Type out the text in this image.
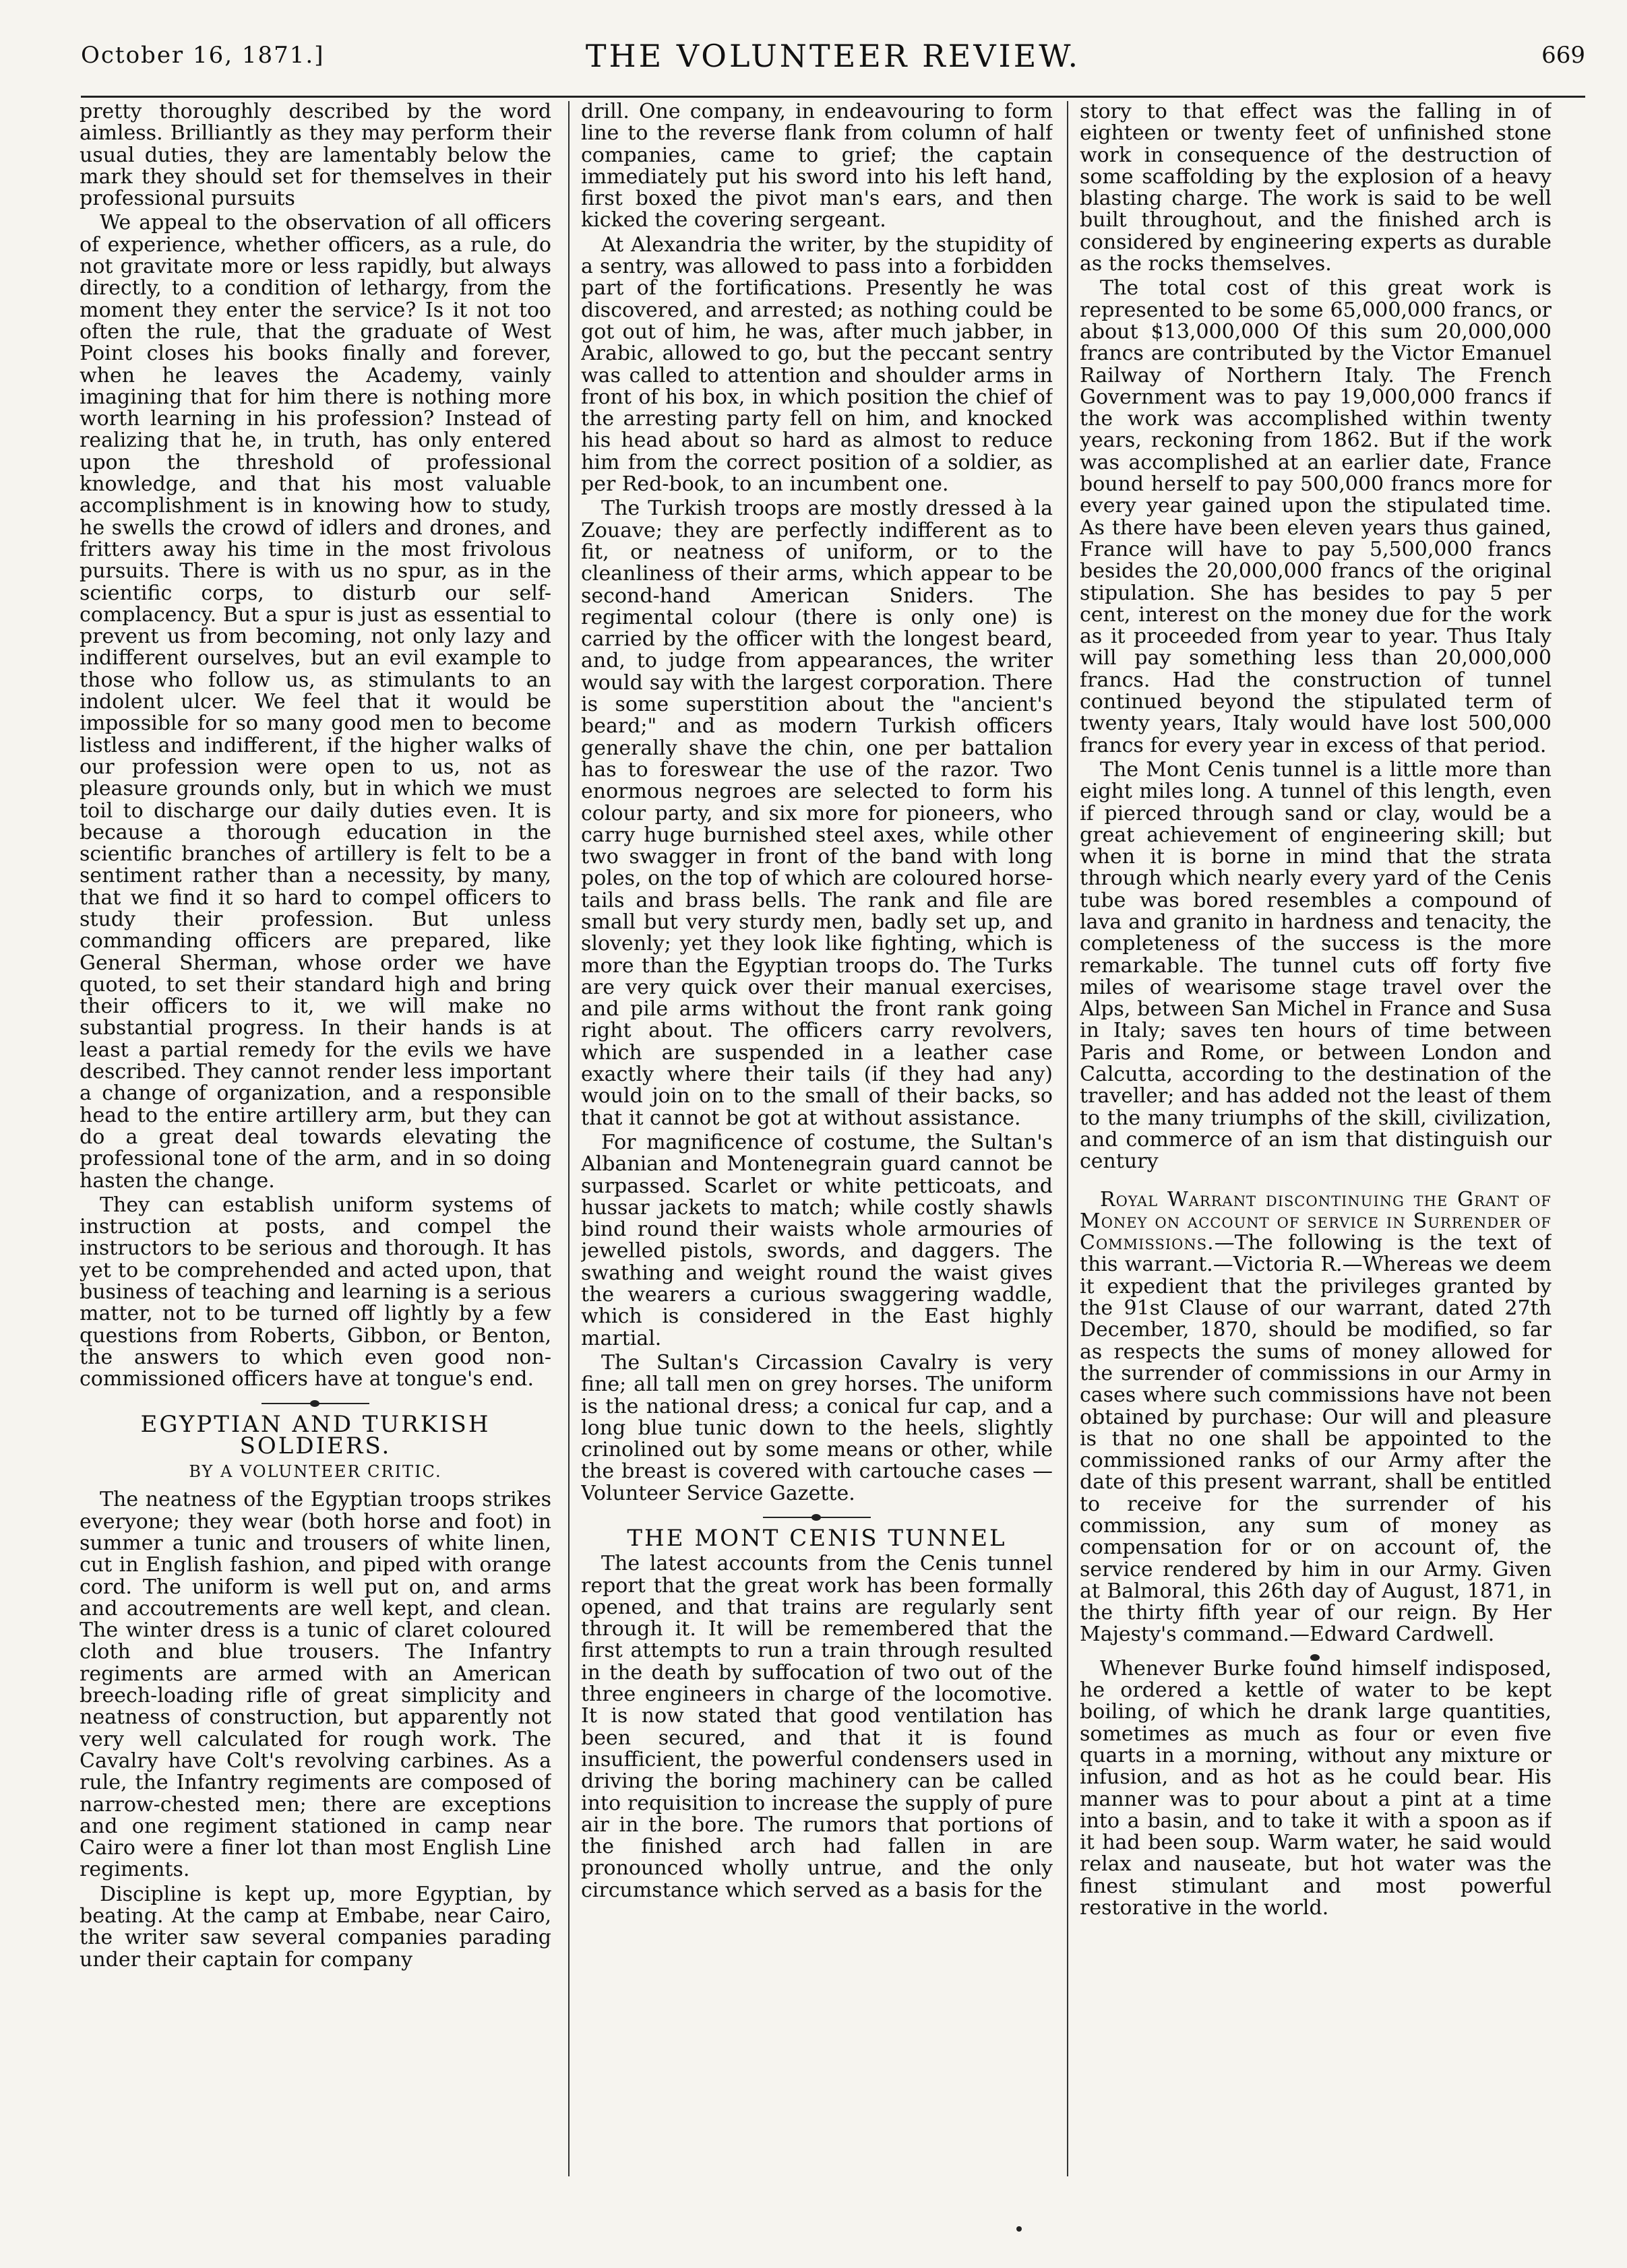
October 16, 1871.]	THE VOLUNTEER REVIEW.	669

pretty thoroughly described by the word aimless. Brilliantly as they may perform their usual duties, they are lamentably below the mark they should set for themselves in their professional pursuits

We appeal to the observation of all officers of experience, whether officers, as a rule, do not gravitate more or less rapidly, but always directly, to a condition of lethargy, from the moment they enter the service? Is it not too often the rule, that the graduate of West Point closes his books finally and forever, when he leaves the Academy, vainly imagining that for him there is nothing more worth learning in his profession? Instead of realizing that he, in truth, has only entered upon the threshold of professional knowledge, and that his most valuable accomplishment is in knowing how to study, he swells the crowd of idlers and drones, and fritters away his time in the most frivolous pursuits. There is with us no spur, as in the scientific corps, to disturb our self-complacency. But a spur is just as essential to prevent us from becoming, not only lazy and indifferent ourselves, but an evil example to those who follow us, as stimulants to an indolent ulcer. We feel that it would be impossible for so many good men to become listless and indifferent, if the higher walks of our profession were open to us, not as pleasure grounds only, but in which we must toil to discharge our daily duties even. It is because a thorough education in the scientific branches of artillery is felt to be a sentiment rather than a necessity, by many, that we find it so hard to compel officers to study their profession. But unless commanding officers are prepared, like General Sherman, whose order we have quoted, to set their standard high and bring their officers to it, we will make no substantial progress. In their hands is at least a partial remedy for the evils we have described. They cannot render less important a change of organization, and a responsible head to the entire artillery arm, but they can do a great deal towards elevating the professional tone of the arm, and in so doing hasten the change.

They can establish uniform systems of instruction at posts, and compel the instructors to be serious and thorough. It has yet to be comprehended and acted upon, that business of teaching and learning is a serious matter, not to be turned off lightly by a few questions from Roberts, Gibbon, or Benton, the answers to which even good non-commissioned officers have at tongue's end.

EGYPTIAN AND TURKISH SOLDIERS.
BY A VOLUNTEER CRITIC.

The neatness of the Egyptian troops strikes everyone; they wear (both horse and foot) in summer a tunic and trousers of white linen, cut in English fashion, and piped with orange cord. The uniform is well put on, and arms and accoutrements are well kept, and clean. The winter dress is a tunic of claret coloured cloth and blue trousers. The Infantry regiments are armed with an American breech-loading rifle of great simplicity and neatness of construction, but apparently not very well calculated for rough work. The Cavalry have Colt's revolving carbines. As a rule, the Infantry regiments are composed of narrow-chested men; there are exceptions and one regiment stationed in camp near Cairo were a finer lot than most English Line regiments.

Discipline is kept up, more Egyptian, by beating. At the camp at Embabe, near Cairo, the writer saw several companies parading under their captain for company

drill. One company, in endeavouring to form line to the reverse flank from column of half companies, came to grief; the captain immediately put his sword into his left hand, first boxed the pivot man's ears, and then kicked the covering sergeant.

At Alexandria the writer, by the stupidity of a sentry, was allowed to pass into a forbidden part of the fortifications. Presently he was discovered, and arrested; as nothing could be got out of him, he was, after much jabber, in Arabic, allowed to go, but the peccant sentry was called to attention and shoulder arms in front of his box, in which position the chief of the arresting party fell on him, and knocked his head about so hard as almost to reduce him from the correct position of a soldier, as per Red-book, to an incumbent one.

The Turkish troops are mostly dressed à la Zouave; they are perfectly indifferent as to fit, or neatness of uniform, or to the cleanliness of their arms, which appear to be second-hand American Sniders. The regimental colour (there is only one) is carried by the officer with the longest beard, and, to judge from appearances, the writer would say with the largest corporation. There is some superstition about the "ancient's beard;" and as modern Turkish officers generally shave the chin, one per battalion has to foreswear the use of the razor. Two enormous negroes are selected to form his colour party, and six more for pioneers, who carry huge burnished steel axes, while other two swagger in front of the band with long poles, on the top of which are coloured horse-tails and brass bells. The rank and file are small but very sturdy men, badly set up, and slovenly; yet they look like fighting, which is more than the Egyptian troops do. The Turks are very quick over their manual exercises, and pile arms without the front rank going right about. The officers carry revolvers, which are suspended in a leather case exactly where their tails (if they had any) would join on to the small of their backs, so that it cannot be got at without assistance.

For magnificence of costume, the Sultan's Albanian and Montenegrain guard cannot be surpassed. Scarlet or white petticoats, and hussar jackets to match; while costly shawls bind round their waists whole armouries of jewelled pistols, swords, and daggers. The swathing and weight round the waist gives the wearers a curious swaggering waddle, which is considered in the East highly martial.

The Sultan's Circassion Cavalry is very fine; all tall men on grey horses. The uniform is the national dress; a conical fur cap, and a long blue tunic down to the heels, slightly crinolined out by some means or other, while the breast is covered with cartouche cases — Volunteer Service Gazette.

THE MONT CENIS TUNNEL

The latest accounts from the Cenis tunnel report that the great work has been formally opened, and that trains are regularly sent through it. It will be remembered that the first attempts to run a train through resulted in the death by suffocation of two out of the three engineers in charge of the locomotive. It is now stated that good ventilation has been secured, and that it is found insufficient, the powerful condensers used in driving the boring machinery can be called into requisition to increase the supply of pure air in the bore. The rumors that portions of the finished arch had fallen in are pronounced wholly untrue, and the only circumstance which served as a basis for the

story to that effect was the falling in of eighteen or twenty feet of unfinished stone work in consequence of the destruction of some scaffolding by the explosion of a heavy blasting charge. The work is said to be well built throughout, and the finished arch is considered by engineering experts as durable as the rocks themselves.

The total cost of this great work is represented to be some 65,000,000 francs, or about $13,000,000 Of this sum 20,000,000 francs are contributed by the Victor Emanuel Railway of Northern Italy. The French Government was to pay 19,000,000 francs if the work was accomplished within twenty years, reckoning from 1862. But if the work was accomplished at an earlier date, France bound herself to pay 500,000 francs more for every year gained upon the stipulated time. As there have been eleven years thus gained, France will have to pay 5,500,000 francs besides the 20,000,000 francs of the original stipulation. She has besides to pay 5 per cent, interest on the money due for the work as it proceeded from year to year. Thus Italy will pay something less than 20,000,000 francs. Had the construction of tunnel continued beyond the stipulated term of twenty years, Italy would have lost 500,000 francs for every year in excess of that period.

The Mont Cenis tunnel is a little more than eight miles long. A tunnel of this length, even if pierced through sand or clay, would be a great achievement of engineering skill; but when it is borne in mind that the strata through which nearly every yard of the Cenis tube was bored resembles a compound of lava and granito in hardness and tenacity, the completeness of the success is the more remarkable. The tunnel cuts off forty five miles of wearisome stage travel over the Alps, between San Michel in France and Susa in Italy; saves ten hours of time between Paris and Rome, or between London and Calcutta, according to the destination of the traveller; and has added not the least of them to the many triumphs of the skill, civilization, and commerce of an ism that distinguish our century

Royal Warrant discontinuing the Grant of Money on account of service in Surrender of Commissions.—The following is the text of this warrant.—Victoria R.—Whereas we deem it expedient that the privileges granted by the 91st Clause of our warrant, dated 27th December, 1870, should be modified, so far as respects the sums of money allowed for the surrender of commissions in our Army in cases where such commissions have not been obtained by purchase: Our will and pleasure is that no one shall be appointed to the commissioned ranks of our Army after the date of this present warrant, shall be entitled to receive for the surrender of his commission, any sum of money as compensation for or on account of, the service rendered by him in our Army. Given at Balmoral, this 26th day of August, 1871, in the thirty fifth year of our reign. By Her Majesty's command.—Edward Cardwell.

Whenever Burke found himself indisposed, he ordered a kettle of water to be kept boiling, of which he drank large quantities, sometimes as much as four or even five quarts in a morning, without any mixture or infusion, and as hot as he could bear. His manner was to pour about a pint at a time into a basin, and to take it with a spoon as if it had been soup. Warm water, he said would relax and nauseate, but hot water was the finest stimulant and most powerful restorative in the world.
